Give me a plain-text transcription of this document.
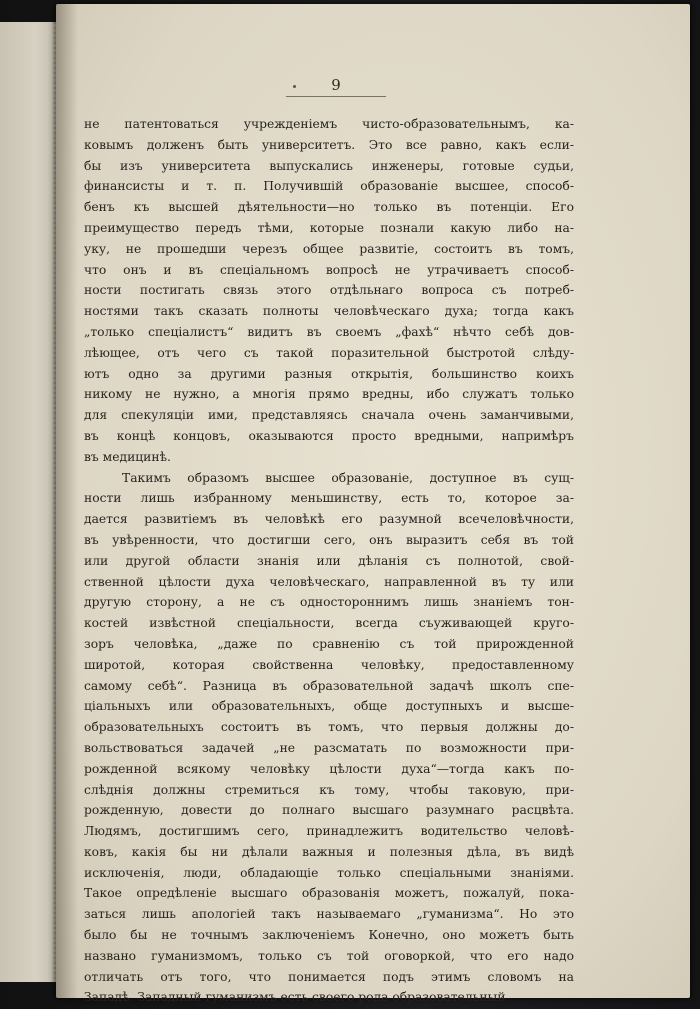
9
не патентоваться учрежденіемъ чисто-образовательнымъ, ка-
ковымъ долженъ быть университетъ. Это все равно, какъ если-
бы изъ университета выпускались инженеры, готовые судьи,
финансисты и т. п. Получившій образованіе высшее, способ-
бенъ къ высшей дѣятельности—но только въ потенціи. Его
преимущество передъ тѣми, которые познали какую либо на-
уку, не прошедши черезъ общее развитіе, состоитъ въ томъ,
что онъ и въ спеціальномъ вопросѣ не утрачиваетъ способ-
ности постигать связь этого отдѣльнаго вопроса съ потреб-
ностями такъ сказать полноты человѣческаго духа; тогда какъ
„только спеціалистъ“ видитъ въ своемъ „фахѣ“ нѣчто себѣ дов-
лѣющее, отъ чего съ такой поразительной быстротой слѣду-
ютъ одно за другими разныя открытія, большинство коихъ
никому не нужно, а многія прямо вредны, ибо служатъ только
для спекуляціи ими, представляясь сначала очень заманчивыми,
въ концѣ концовъ, оказываются просто вредными, напримѣръ
въ медицинѣ.
Такимъ образомъ высшее образованіе, доступное въ сущ-
ности лишь избранному меньшинству, есть то, которое за-
дается развитіемъ въ человѣкѣ его разумной всечеловѣчности,
въ увѣренности, что достигши сего, онъ выразитъ себя въ той
или другой области знанія или дѣланія съ полнотой, свой-
ственной цѣлости духа человѣческаго, направленной въ ту или
другую сторону, а не съ одностороннимъ лишь знаніемъ тон-
костей извѣстной спеціальности, всегда съуживающей круго-
зоръ человѣка, „даже по сравненію съ той прирожденной
широтой, которая свойственна человѣку, предоставленному
самому себѣ“. Разница въ образовательной задачѣ школъ спе-
ціальныхъ или образовательныхъ, обще доступныхъ и высше-
образовательныхъ состоитъ въ томъ, что первыя должны до-
вольствоваться задачей „не разсматать по возможности при-
рожденной всякому человѣку цѣлости духа“—тогда какъ по-
слѣднія должны стремиться къ тому, чтобы таковую, при-
рожденную, довести до полнаго высшаго разумнаго расцвѣта.
Людямъ, достигшимъ сего, принадлежитъ водительство человѣ-
ковъ, какія бы ни дѣлали важныя и полезныя дѣла, въ видѣ
исключенія, люди, обладающіе только спеціальными знаніями.
Такое опредѣленіе высшаго образованія можетъ, пожалуй, пока-
заться лишь апологіей такъ называемаго „гуманизма“. Но это
было бы не точнымъ заключеніемъ Конечно, оно можетъ быть
названо гуманизмомъ, только съ той оговоркой, что его надо
отличать отъ того, что понимается подъ этимъ словомъ на
Западѣ. Западный гуманизмъ есть своего рода образовательный
